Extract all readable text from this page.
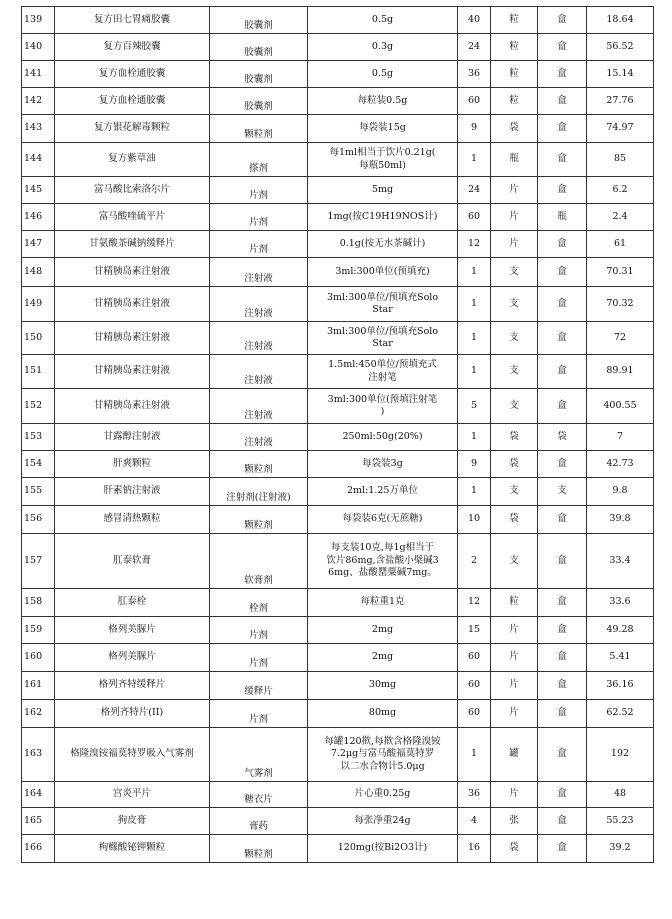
139	复方田七胃痛胶囊	胶囊剂	0.5g	40	粒	盒	18.64
140	复方百辣胶囊	胶囊剂	0.3g	24	粒	盒	56.52
141	复方血栓通胶囊	胶囊剂	0.5g	36	粒	盒	15.14
142	复方血栓通胶囊	胶囊剂	每粒装0.5g	60	粒	盒	27.76
143	复方银花解毒颗粒	颗粒剂	每袋装15g	9	袋	盒	74.97
144	复方紫草油	搽剂	每1ml相当于饮片0.21g(
每瓶50ml)	1	瓶	盒	85
145	富马酸比索洛尔片	片剂	5mg	24	片	盒	6.2
146	富马酸喹硫平片	片剂	1mg(按C19H19NOS计)	60	片	瓶	2.4
147	甘氨酸茶碱钠缓释片	片剂	0.1g(按无水茶碱计)	12	片	盒	61
148	甘精胰岛素注射液	注射液	3ml:300单位(预填充)	1	支	盒	70.31
149	甘精胰岛素注射液	注射液	3ml:300单位/预填充Solo
Star	1	支	盒	70.32
150	甘精胰岛素注射液	注射液	3ml:300单位/预填充Solo
Star	1	支	盒	72
151	甘精胰岛素注射液	注射液	1.5ml:450单位/预填充式
注射笔	1	支	盒	89.91
152	甘精胰岛素注射液	注射液	3ml:300单位(预填注射笔
)	5	支	盒	400.55
153	甘露醇注射液	注射液	250ml:50g(20%)	1	袋	袋	7
154	肝爽颗粒	颗粒剂	每袋装3g	9	袋	盒	42.73
155	肝素钠注射液	注射剂(注射液)	2ml:1.25万单位	1	支	支	9.8
156	感冒清热颗粒	颗粒剂	每袋装6克(无蔗糖)	10	袋	盒	39.8
157	肛泰软膏	软膏剂	每支装10克,每1g相当于
饮片86mg,含盐酸小檗碱3
6mg、盐酸罂粟碱7mg。	2	支	盒	33.4
158	肛泰栓	栓剂	每粒重1克	12	粒	盒	33.6
159	格列美脲片	片剂	2mg	15	片	盒	49.28
160	格列美脲片	片剂	2mg	60	片	盒	5.41
161	格列齐特缓释片	缓释片	30mg	60	片	盒	36.16
162	格列齐特片(II)	片剂	80mg	60	片	盒	62.52
163	格隆溴铵福莫特罗吸入气雾剂	气雾剂	每罐120揿,每揿含格隆溴铵
7.2μg与富马酸福莫特罗
以二水合物计5.0μg	1	罐	盒	192
164	宫炎平片	糖衣片	片心重0.25g	36	片	盒	48
165	狗皮膏	膏药	每张净重24g	4	张	盒	55.23
166	枸橼酸铋钾颗粒	颗粒剂	120mg(按Bi2O3计)	16	袋	盒	39.2
